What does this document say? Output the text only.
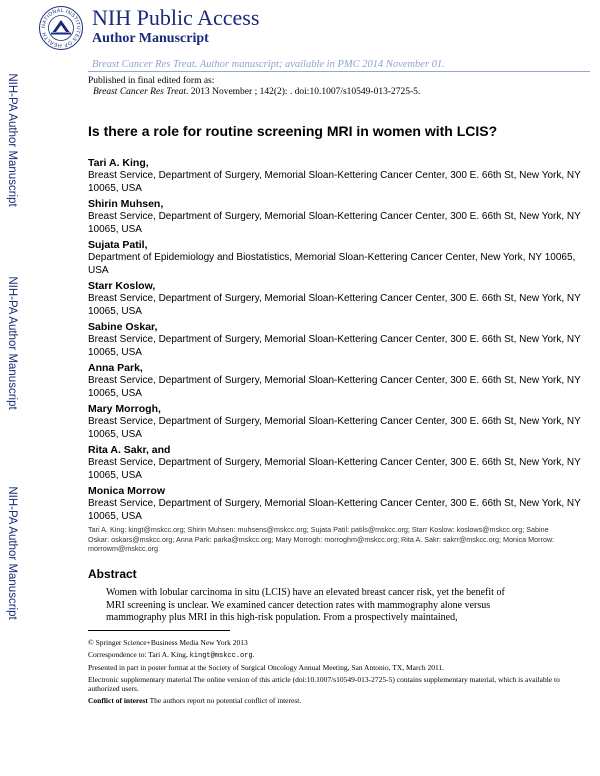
NATIONAL INSTITUTES OF HEALTH
NIH Public Access
Author Manuscript
Breast Cancer Res Treat. Author manuscript; available in PMC 2014 November 01.
Published in final edited form as:
Breast Cancer Res Treat. 2013 November ; 142(2): . doi:10.1007/s10549-013-2725-5.
NIH-PA Author Manuscript
NIH-PA Author Manuscript
NIH-PA Author Manuscript
Is there a role for routine screening MRI in women with LCIS?
Tari A. King,
Breast Service, Department of Surgery, Memorial Sloan-Kettering Cancer Center, 300 E. 66th St, New York, NY 10065, USA
Shirin Muhsen,
Breast Service, Department of Surgery, Memorial Sloan-Kettering Cancer Center, 300 E. 66th St, New York, NY 10065, USA
Sujata Patil,
Department of Epidemiology and Biostatistics, Memorial Sloan-Kettering Cancer Center, New York, NY 10065, USA
Starr Koslow,
Breast Service, Department of Surgery, Memorial Sloan-Kettering Cancer Center, 300 E. 66th St, New York, NY 10065, USA
Sabine Oskar,
Breast Service, Department of Surgery, Memorial Sloan-Kettering Cancer Center, 300 E. 66th St, New York, NY 10065, USA
Anna Park,
Breast Service, Department of Surgery, Memorial Sloan-Kettering Cancer Center, 300 E. 66th St, New York, NY 10065, USA
Mary Morrogh,
Breast Service, Department of Surgery, Memorial Sloan-Kettering Cancer Center, 300 E. 66th St, New York, NY 10065, USA
Rita A. Sakr, and
Breast Service, Department of Surgery, Memorial Sloan-Kettering Cancer Center, 300 E. 66th St, New York, NY 10065, USA
Monica Morrow
Breast Service, Department of Surgery, Memorial Sloan-Kettering Cancer Center, 300 E. 66th St, New York, NY 10065, USA
Tari A. King: kingt@mskcc.org; Shirin Muhsen: muhsens@mskcc.org; Sujata Patil: patils@mskcc.org; Starr Koslow: koslows@mskcc.org; Sabine Oskar: oskars@mskcc.org; Anna Park: parka@mskcc.org; Mary Morrogh: morroghm@mskcc.org; Rita A. Sakr: sakrr@mskcc.org; Monica Morrow: morrowm@mskcc.org
Abstract
Women with lobular carcinoma in situ (LCIS) have an elevated breast cancer risk, yet the benefit of MRI screening is unclear. We examined cancer detection rates with mammography alone versus mammography plus MRI in this high-risk population. From a prospectively maintained,

© Springer Science+Business Media New York 2013

Correspondence to: Tari A. King, kingt@mskcc.org.

Presented in part in poster format at the Society of Surgical Oncology Annual Meeting, San Antonio, TX, March 2011.

Electronic supplementary material The online version of this article (doi:10.1007/s10549-013-2725-5) contains supplementary material, which is available to authorized users.

Conflict of interest The authors report no potential conflict of interest.
